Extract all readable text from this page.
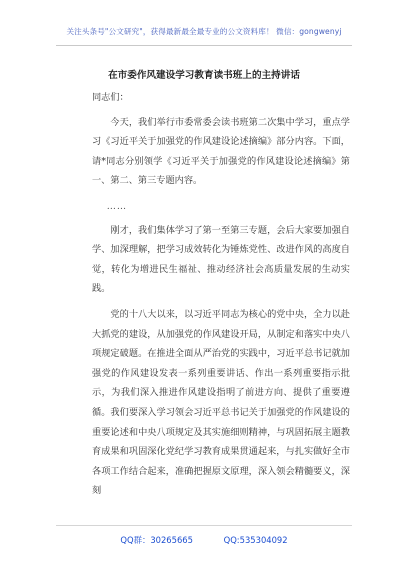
关注头条号"公文研究"，获得最新最全最专业的公文资料库！ 微信：gongwenyj
在市委作风建设学习教育读书班上的主持讲话

同志们：

今天，我们举行市委常委会读书班第二次集中学习，重点学习《习近平关于加强党的作风建设论述摘编》部分内容。下面，请*同志分别领学《习近平关于加强党的作风建设论述摘编》第一、第二、第三专题内容。

……

刚才，我们集体学习了第一至第三专题，会后大家要加强自学、加深理解，把学习成效转化为锤炼党性、改进作风的高度自觉，转化为增进民生福祉、推动经济社会高质量发展的生动实践。

党的十八大以来，以习近平同志为核心的党中央，全力以赴大抓党的建设，从加强党的作风建设开局，从制定和落实中央八项规定破题。在推进全面从严治党的实践中，习近平总书记就加强党的作风建设发表一系列重要讲话、作出一系列重要指示批示，为我们深入推进作风建设指明了前进方向、提供了重要遵循。我们要深入学习领会习近平总书记关于加强党的作风建设的重要论述和中央八项规定及其实施细则精神，与巩固拓展主题教育成果和巩固深化党纪学习教育成果贯通起来，与扎实做好全市各项工作结合起来，准确把握原文原理，深入领会精髓要义，深刻

QQ群：30265665	QQ:535304092
